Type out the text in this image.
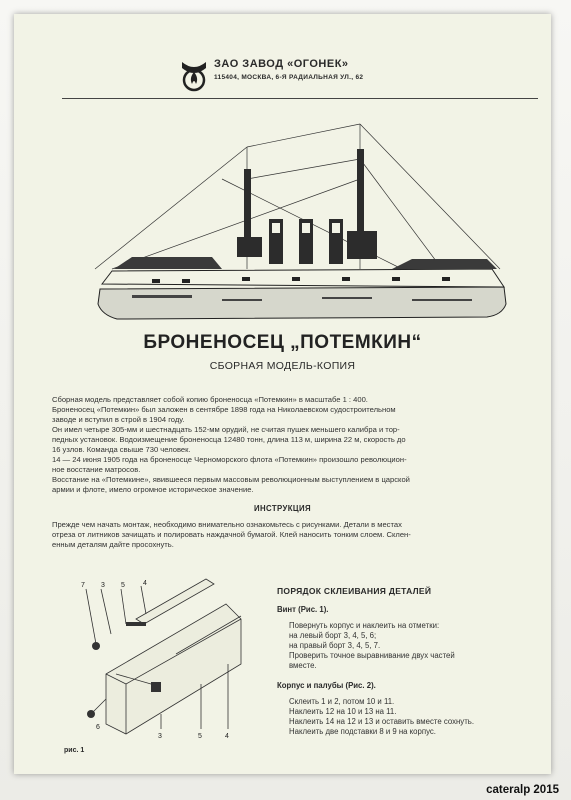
ЗАО ЗАВОД «ОГОНЕК»
115404, МОСКВА, 6-Я РАДИАЛЬНАЯ УЛ., 62
БРОНЕНОСЕЦ „ПОТЕМКИН“
СБОРНАЯ МОДЕЛЬ-КОПИЯ
Сборная модель представляет собой копию броненосца «Потемкин» в масштабе 1 : 400.
Броненосец «Потемкин» был заложен в сентябре 1898 года на Николаевском судостроительном
заводе и вступил в строй в 1904 году.
Он имел четыре 305-мм и шестнадцать 152-мм орудий, не считая пушек меньшего калибра и тор-
педных установок. Водоизмещение броненосца 12480 тонн, длина 113 м, ширина 22 м, скорость до
16 узлов. Команда свыше 730 человек.
14 — 24 июня 1905 года на броненосце Черноморского флота «Потемкин» произошло революцион-
ное восстание матросов.
Восстание на «Потемкине», явившееся первым массовым революционным выступлением в царской
армии и флоте, имело огромное историческое значение.
ИНСТРУКЦИЯ
Прежде чем начать монтаж, необходимо внимательно ознакомьтесь с рисунками. Детали в местах
отреза от литников зачищать и полировать наждачной бумагой. Клей наносить тонким слоем. Склен-
енным деталям дайте просохнуть.
7 3 5	4
6
3	5	4
рис. 1
ПОРЯДОК СКЛЕИВАНИЯ ДЕТАЛЕЙ
Винт (Рис. 1).
Повернуть корпус и наклеить на отметки:
на левый борт 3, 4, 5, 6;
на правый борт 3, 4, 5, 7.
Проверить точное выравнивание двух частей
вместе.
Корпус и палубы (Рис. 2).
Склеить 1 и 2, потом 10 и 11.
Наклеить 12 на 10 и 13 на 11.
Наклеить 14 на 12 и 13 и оставить вместе сохнуть.
Наклеить две подставки 8 и 9 на корпус.
cateralp 2015
